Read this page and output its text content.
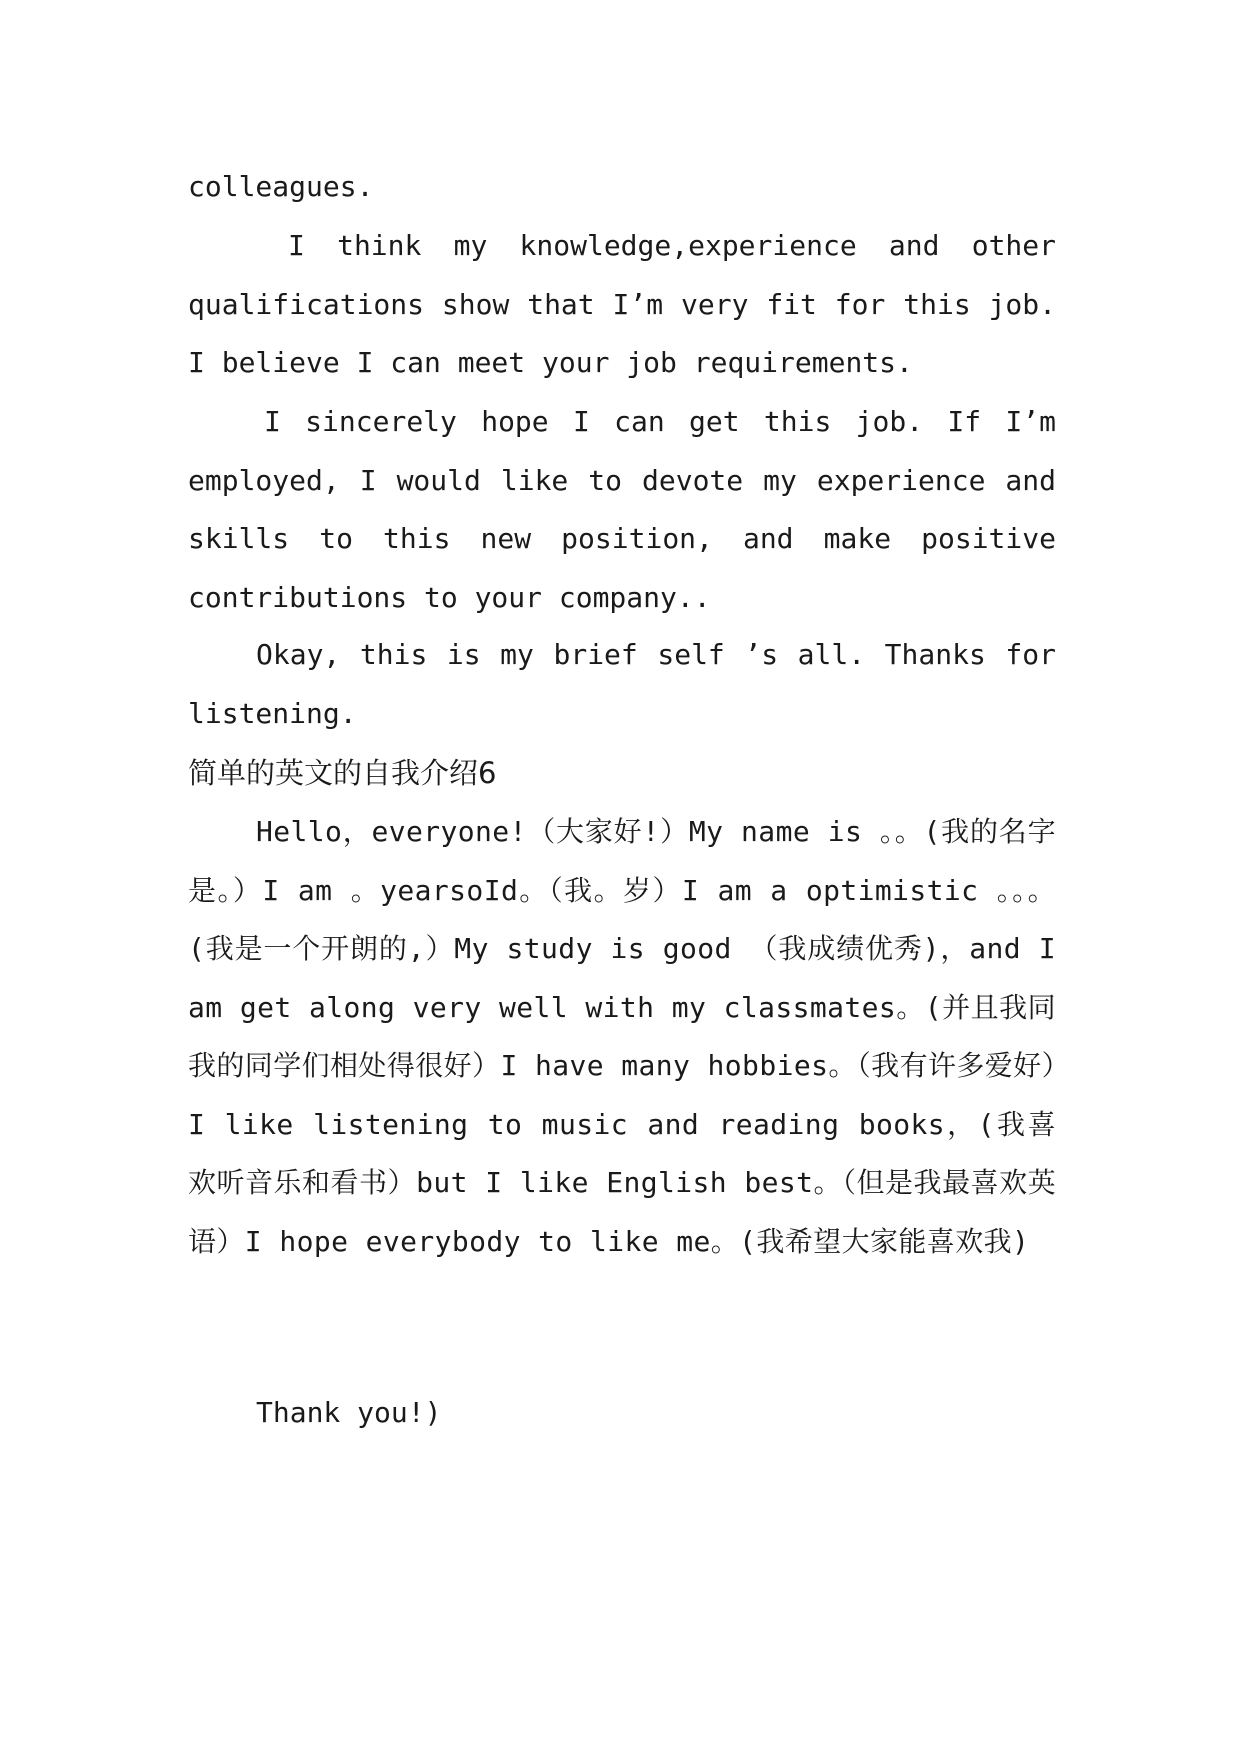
colleagues.

I think my knowledge,experience and other qualifications show that I’m very fit for this job. I believe I can meet your job requirements.

I sincerely hope I can get this job. If I’m employed, I would like to devote my experience and skills to this new position, and make positive contributions to your company..

Okay, this is my brief self ’s all. Thanks for listening.

简单的英文的自我介绍6

Hello，everyone!（大家好!）My name is 。。(我的名字是。）I am 。yearsoId。（我。岁）I am a optimistic 。。。(我是一个开朗的,）My study is good （我成绩优秀)，and I am get along very well with my classmates。(并且我同我的同学们相处得很好）I have many hobbies。（我有许多爱好）I like listening to music and reading books，(我喜欢听音乐和看书）but I like English best。（但是我最喜欢英语）I hope everybody to like me。(我希望大家能喜欢我)

Thank you!)
